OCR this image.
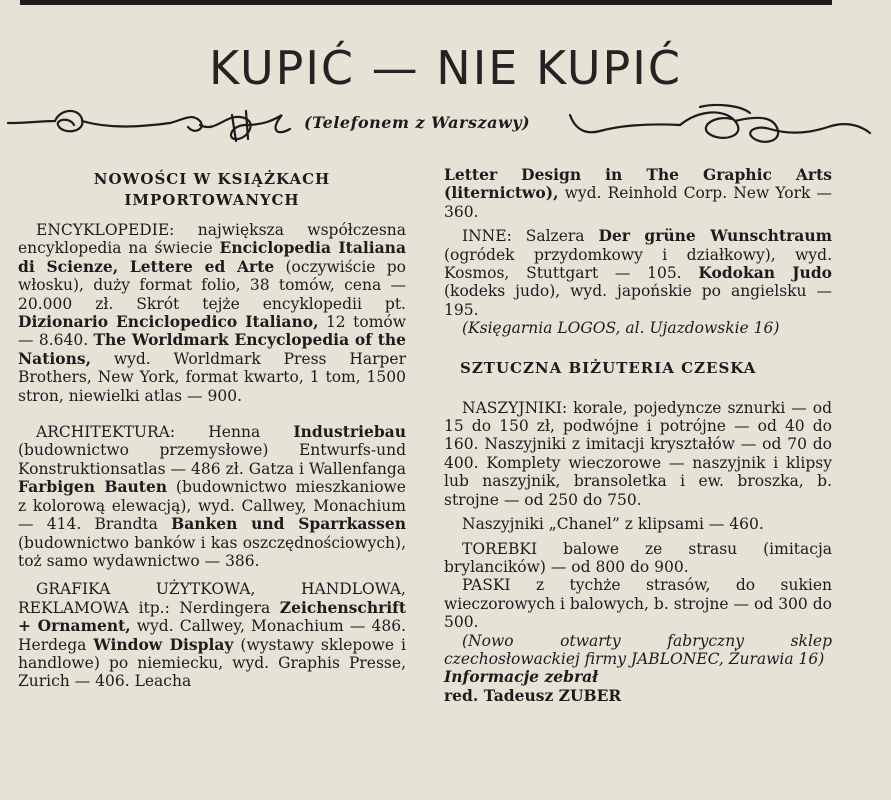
KUPIĆ — NIE KUPIĆ
(Telefonem z Warszawy)
NOWOŚCI W KSIĄŻKACH
IMPORTOWANYCH

ENCYKLOPEDIE: największa współczesna encyklopedia na świecie Enciclopedia Italiana di Scienze, Lettere ed Arte (oczywiście po włosku), duży format folio, 38 tomów, cena — 20.000 zł. Skrót tejże encyklopedii pt. Dizionario Enciclopedico Italiano, 12 tomów — 8.640. The Worldmark Encyclopedia of the Nations, wyd. Worldmark Press Harper Brothers, New York, format kwarto, 1 tom, 1500 stron, niewielki atlas — 900.

ARCHITEKTURA: Henna Industriebau (budownictwo przemysłowe) Entwurfs-und Konstruktionsatlas — 486 zł. Gatza i Wallenfanga Farbigen Bauten (budownictwo mieszkaniowe z kolorową elewacją), wyd. Callwey, Monachium — 414. Brandta Banken und Sparrkassen (budownictwo banków i kas oszczędnościowych), toż samo wydawnictwo — 386.

GRAFIKA UŻYTKOWA, HANDLOWA, REKLAMOWA itp.: Nerdingera Zeichenschrift + Ornament, wyd. Callwey, Monachium — 486. Herdega Window Display (wystawy sklepowe i handlowe) po niemiecku, wyd. Graphis Presse, Zurich — 406. Leacha

Letter Design in The Graphic Arts (liternictwo), wyd. Reinhold Corp. New York — 360.

INNE: Salzera Der grüne Wunschtraum (ogródek przydomkowy i działkowy), wyd. Kosmos, Stuttgart — 105. Kodokan Judo (kodeks judo), wyd. japońskie po angielsku — 195.

(Księgarnia LOGOS, al. Ujazdowskie 16)

SZTUCZNA BIŻUTERIA CZESKA

NASZYJNIKI: korale, pojedyncze sznurki — od 15 do 150 zł, podwójne i potrójne — od 40 do 160. Naszyjniki z imitacji kryształów — od 70 do 400. Komplety wieczorowe — naszyjnik i klipsy lub naszyjnik, bransoletka i ew. broszka, b. strojne — od 250 do 750.

Naszyjniki „Chanel” z klipsami — 460.

TOREBKI balowe ze strasu (imitacja brylancików) — od 800 do 900.

PASKI z tychże strasów, do sukien wieczorowych i balowych, b. strojne — od 300 do 500.

(Nowo otwarty fabryczny sklep czechosłowackiej firmy JABLONEC, Żurawia 16)

Informacje zebrał

red. Tadeusz ZUBER
